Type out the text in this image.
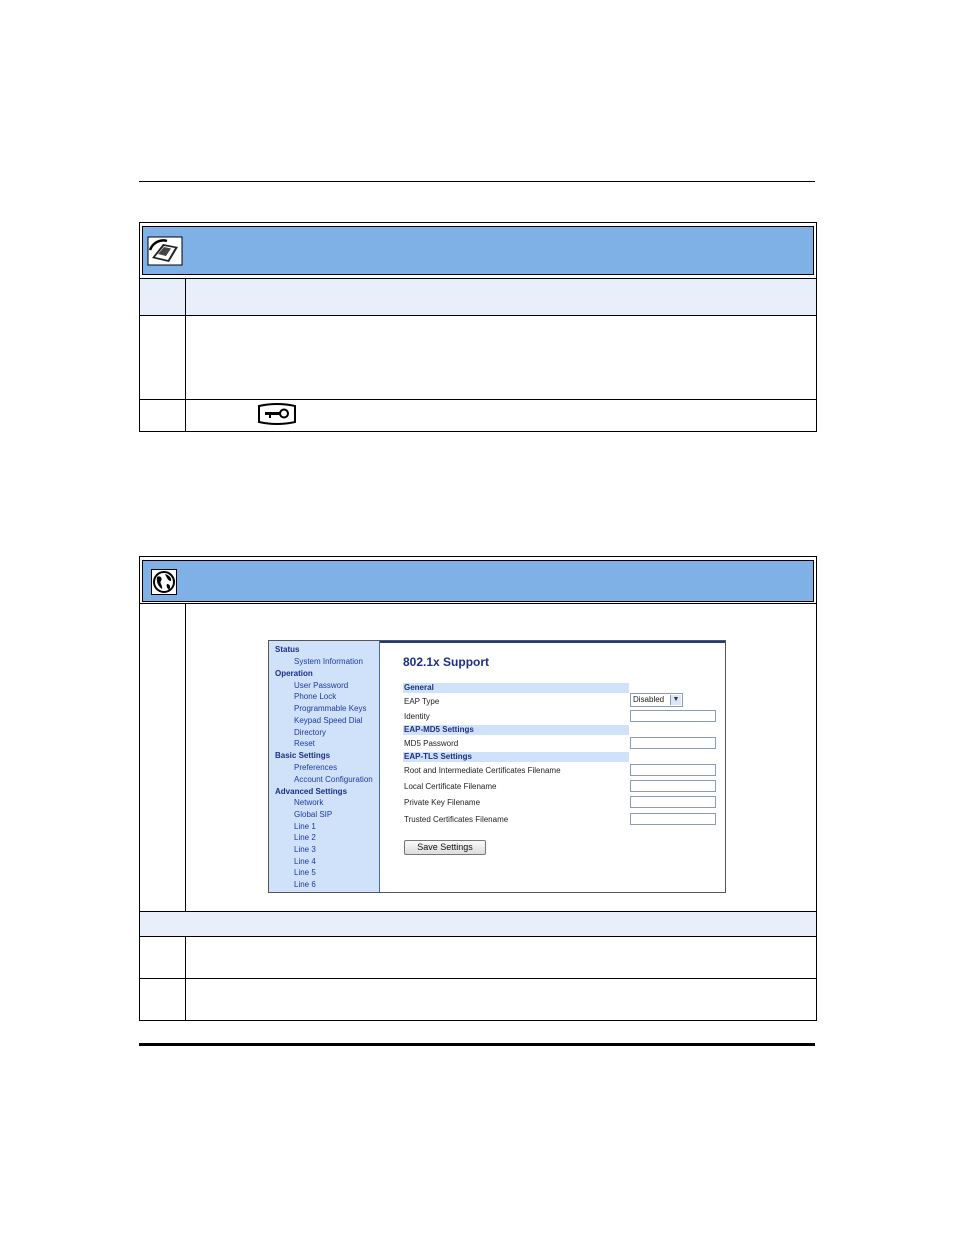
Status
System Information
Operation
User Password
Phone Lock
Programmable Keys
Keypad Speed Dial
Directory
Reset
Basic Settings
Preferences
Account Configuration
Advanced Settings
Network
Global SIP
Line 1
Line 2
Line 3
Line 4
Line 5
Line 6
802.1x Support
General
EAP Type	Disabled	▼
Identity
EAP-MD5 Settings
MD5 Password
EAP-TLS Settings
Root and Intermediate Certificates Filename
Local Certificate Filename
Private Key Filename
Trusted Certificates Filename
Save Settings
